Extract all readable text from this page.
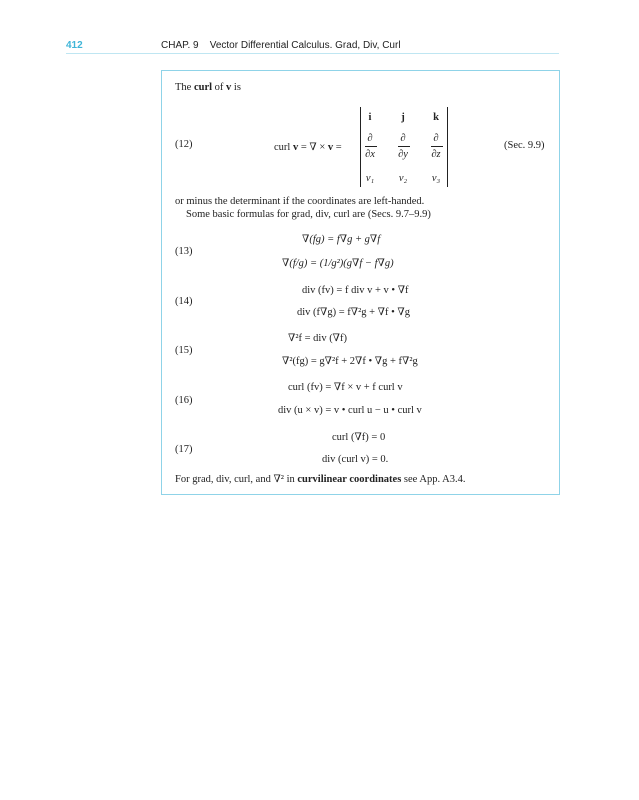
412	CHAP. 9    Vector Differential Calculus. Grad, Div, Curl
The curl of v is
(12)	curl v = ∇ × v =
i	j	k
∂	∂	∂
∂x	∂y	∂z
v₁	v₂	v₃
(Sec. 9.9)
or minus the determinant if the coordinates are left-handed.
Some basic formulas for grad, div, curl are (Secs. 9.7–9.9)
(13)
∇(fg) = f∇g + g∇f
∇(f/g) = (1/g²)(g∇f − f∇g)
(14)
div (fv) = f div v + v • ∇f
div (f∇g) = f∇²g + ∇f • ∇g
(15)
∇²f = div (∇f)
∇²(fg) = g∇²f + 2∇f • ∇g + f∇²g
(16)
curl (fv) = ∇f × v + f curl v
div (u × v) = v • curl u − u • curl v
(17)
curl (∇f) = 0
div (curl v) = 0.
For grad, div, curl, and ∇² in curvilinear coordinates see App. A3.4.
